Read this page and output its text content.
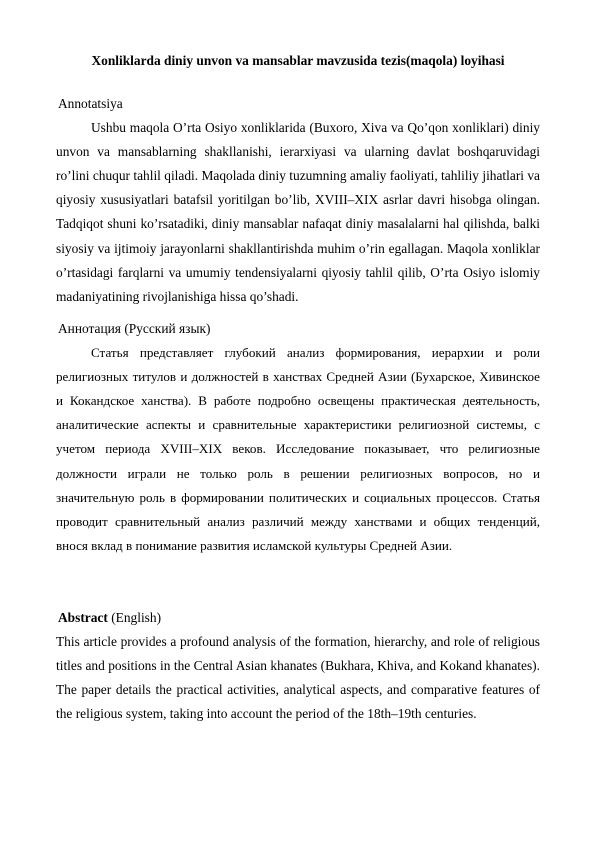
Xonliklarda diniy unvon va mansablar mavzusida tezis(maqola) loyihasi

Annotatsiya

Ushbu maqola O’rta Osiyo xonliklarida (Buxoro, Xiva va Qo’qon xonliklari) diniy unvon va mansablarning shakllanishi, ierarxiyasi va ularning davlat boshqaruvidagi ro’lini chuqur tahlil qiladi. Maqolada diniy tuzumning amaliy faoliyati, tahliliy jihatlari va qiyosiy xususiyatlari batafsil yoritilgan bo’lib, XVIII–XIX asrlar davri hisobga olingan. Tadqiqot shuni ko’rsatadiki, diniy mansablar nafaqat diniy masalalarni hal qilishda, balki siyosiy va ijtimoiy jarayonlarni shakllantirishda muhim o’rin egallagan. Maqola xonliklar o’rtasidagi farqlarni va umumiy tendensiyalarni qiyosiy tahlil qilib, O’rta Osiyo islomiy madaniyatining rivojlanishiga hissa qo’shadi.

Аннотация (Русский язык)

Статья представляет глубокий анализ формирования, иерархии и роли религиозных титулов и должностей в ханствах Средней Азии (Бухарское, Хивинское и Кокандское ханства). В работе подробно освещены практическая деятельность, аналитические аспекты и сравнительные характеристики религиозной системы, с учетом периода XVIII–XIX веков. Исследование показывает, что религиозные должности играли не только роль в решении религиозных вопросов, но и значительную роль в формировании политических и социальных процессов. Статья проводит сравнительный анализ различий между ханствами и общих тенденций, внося вклад в понимание развития исламской культуры Средней Азии.

Abstract (English)

This article provides a profound analysis of the formation, hierarchy, and role of religious titles and positions in the Central Asian khanates (Bukhara, Khiva, and Kokand khanates). The paper details the practical activities, analytical aspects, and comparative features of the religious system, taking into account the period of the 18th–19th centuries.
